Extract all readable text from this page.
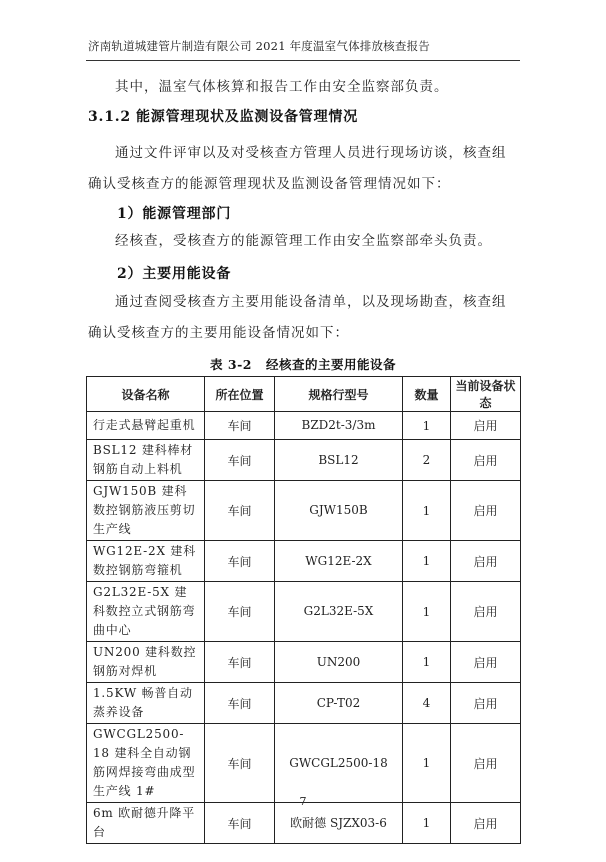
济南轨道城建管片制造有限公司 2021 年度温室气体排放核查报告
其中，温室气体核算和报告工作由安全监察部负责。
3.1.2 能源管理现状及监测设备管理情况
通过文件评审以及对受核查方管理人员进行现场访谈，核查组确认受核查方的能源管理现状及监测设备管理情况如下：
1）能源管理部门
经核查，受核查方的能源管理工作由安全监察部牵头负责。
2）主要用能设备
通过查阅受核查方主要用能设备清单，以及现场勘查，核查组确认受核查方的主要用能设备情况如下：
表 3-2 经核查的主要用能设备
设备名称	所在位置	规格行型号	数量	当前设备状态
行走式悬臂起重机	车间	BZD2t-3/3m	1	启用
BSL12 建科棒材钢筋自动上料机	车间	BSL12	2	启用
GJW150B 建科数控钢筋液压剪切生产线	车间	GJW150B	1	启用
WG12E-2X 建科数控钢筋弯箍机	车间	WG12E-2X	1	启用
G2L32E-5X 建科数控立式钢筋弯曲中心	车间	G2L32E-5X	1	启用
UN200 建科数控钢筋对焊机	车间	UN200	1	启用
1.5KW 畅普自动蒸养设备	车间	CP-T02	4	启用
GWCGL2500-18 建科全自动钢筋网焊接弯曲成型生产线 1#	车间	GWCGL2500-18	1	启用
6m 欧耐德升降平台	车间	欧耐德 SJZX03-6	1	启用
7
